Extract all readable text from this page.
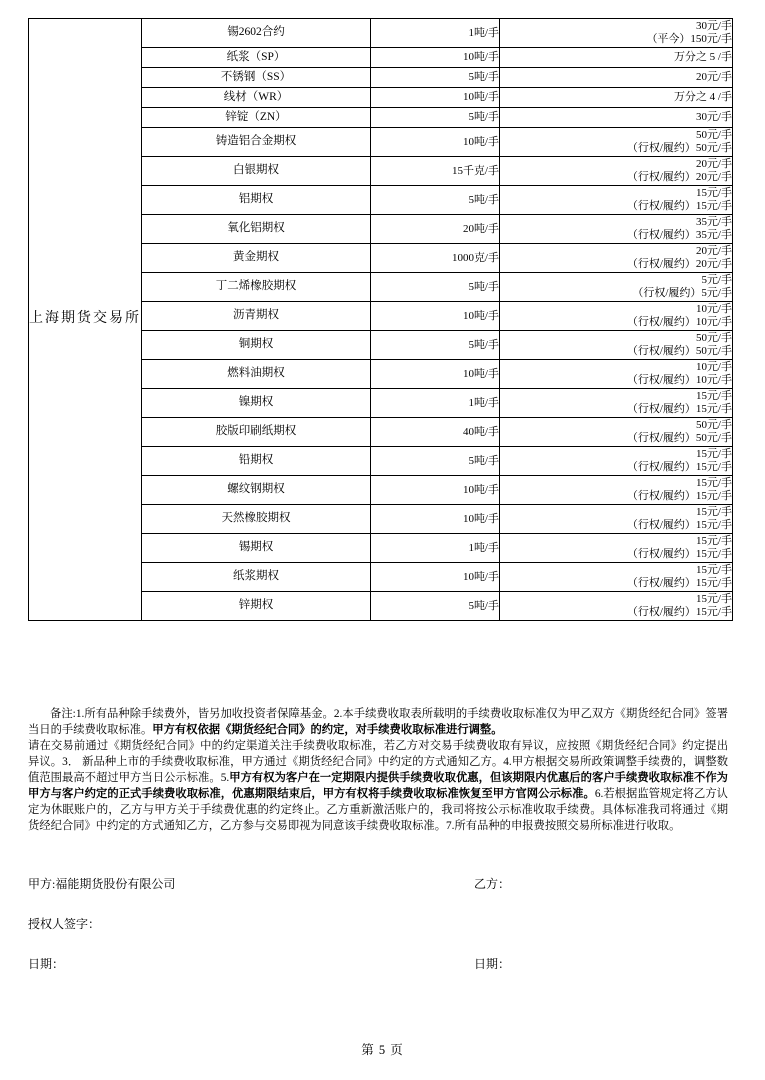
上海期货交易所	锡2602合约	1吨/手	30元/手
（平今）150元/手

	纸浆（SP）	10吨/手	万分之 5 /手

	不锈钢（SS）	5吨/手	20元/手

	线材（WR）	10吨/手	万分之 4 /手

	锌锭（ZN）	5吨/手	30元/手

	铸造铝合金期权	10吨/手	50元/手
（行权/履约）50元/手

	白银期权	15千克/手	20元/手
（行权/履约）20元/手

	铝期权	5吨/手	15元/手
（行权/履约）15元/手

	氧化铝期权	20吨/手	35元/手
（行权/履约）35元/手

	黄金期权	1000克/手	20元/手
（行权/履约）20元/手

	丁二烯橡胶期权	5吨/手	5元/手
（行权/履约）5元/手

	沥青期权	10吨/手	10元/手
（行权/履约）10元/手

	铜期权	5吨/手	50元/手
（行权/履约）50元/手

	燃料油期权	10吨/手	10元/手
（行权/履约）10元/手

	镍期权	1吨/手	15元/手
（行权/履约）15元/手

	胶版印刷纸期权	40吨/手	50元/手
（行权/履约）50元/手

	铅期权	5吨/手	15元/手
（行权/履约）15元/手

	螺纹钢期权	10吨/手	15元/手
（行权/履约）15元/手

	天然橡胶期权	10吨/手	15元/手
（行权/履约）15元/手

	锡期权	1吨/手	15元/手
（行权/履约）15元/手

	纸浆期权	10吨/手	15元/手
（行权/履约）15元/手

	锌期权	5吨/手	15元/手
（行权/履约）15元/手

备注:1.所有品种除手续费外，皆另加收投资者保障基金。2.本手续费收取表所载明的手续费收取标准仅为甲乙双方《期货经纪合同》签署当日的手续费收取标准。甲方有权依据《期货经纪合同》的约定，对手续费收取标准进行调整。

请在交易前通过《期货经纪合同》中的约定渠道关注手续费收取标准，若乙方对交易手续费收取有异议，应按照《期货经纪合同》约定提出异议。3． 新品种上市的手续费收取标准，甲方通过《期货经纪合同》中约定的方式通知乙方。4.甲方根据交易所政策调整手续费的，调整数值范围最高不超过甲方当日公示标准。5.甲方有权为客户在一定期限内提供手续费收取优惠，但该期限内优惠后的客户手续费收取标准不作为甲方与客户约定的正式手续费收取标准，优惠期限结束后，甲方有权将手续费收取标准恢复至甲方官网公示标准。6.若根据监管规定将乙方认定为休眠账户的，乙方与甲方关于手续费优惠的约定终止。乙方重新激活账户的，我司将按公示标准收取手续费。具体标准我司将通过《期货经纪合同》中约定的方式通知乙方，乙方参与交易即视为同意该手续费收取标准。7.所有品种的申报费按照交易所标准进行收取。

甲方:福能期货股份有限公司	乙方：
授权人签字：
日期：	日期：
第 5 页
